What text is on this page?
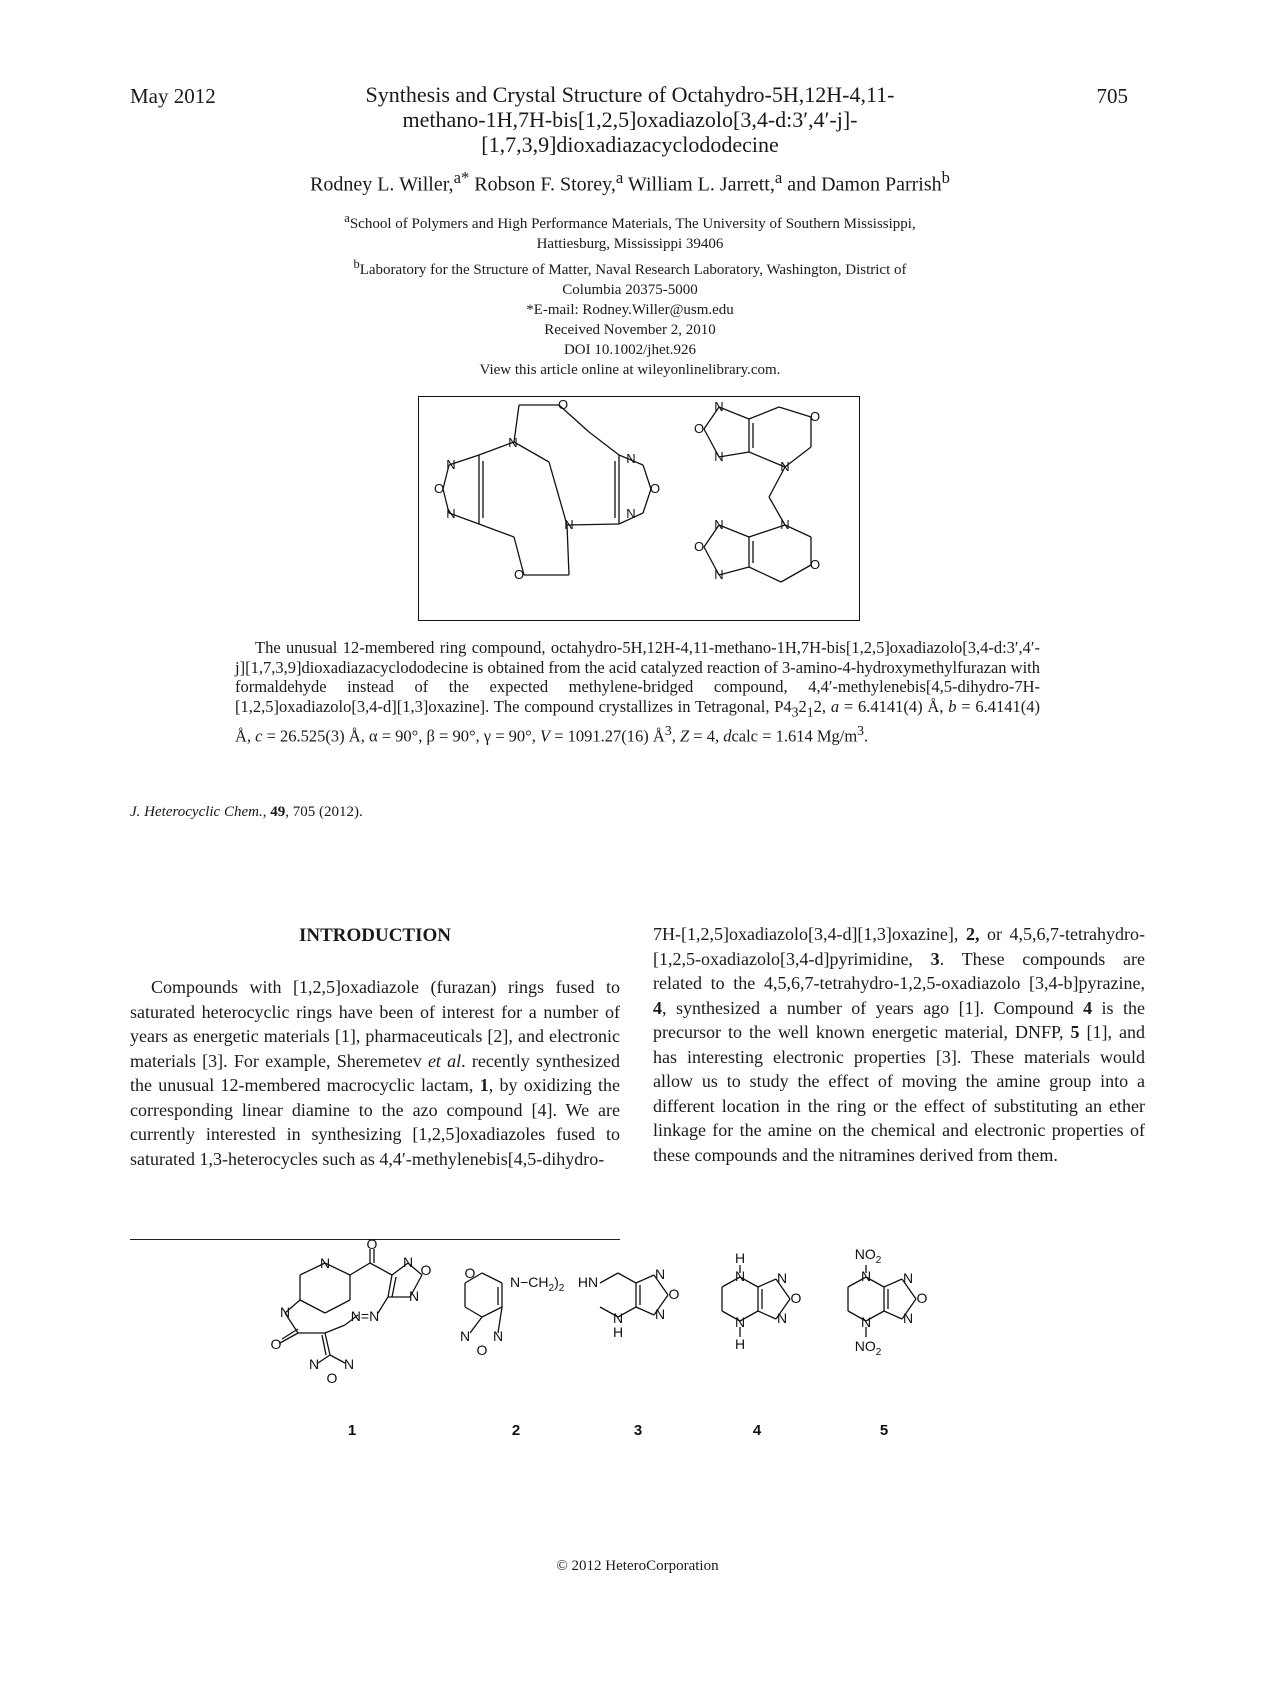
May 2012	705
Synthesis and Crystal Structure of Octahydro-5H,12H-4,11-
methano-1H,7H-bis[1,2,5]oxadiazolo[3,4-d:3′,4′-j]-
[1,7,3,9]dioxadiazacyclododecine
Rodney L. Willer,$^{a*}$ Robson F. Storey,$^a$ William L. Jarrett,$^a$ and Damon Parrish$^b$
$^a$School of Polymers and High Performance Materials, The University of Southern Mississippi,
Hattiesburg, Mississippi 39406
$^b$Laboratory for the Structure of Matter, Naval Research Laboratory, Washington, District of
Columbia 20375-5000
*E-mail: Rodney.Willer@usm.edu
Received November 2, 2010
DOI 10.1002/jhet.926
View this article online at wileyonlinelibrary.com.
N
O
N
O
N
N
O
N
N
O
N
O
N
O
N
N
N
O
N
O

The unusual 12-membered ring compound, octahydro-5H,12H-4,11-methano-1H,7H-bis[1,2,5]oxadiazolo[3,4-d:3′,4′-j][1,7,3,9]dioxadiazacyclododecine is obtained from the acid catalyzed reaction of 3-amino-4-hydroxymethylfurazan with formaldehyde instead of the expected methylene-bridged compound, 4,4′-methylenebis[4,5-dihydro-7H-[1,2,5]oxadiazolo[3,4-d][1,3]oxazine]. The compound crystallizes in Tetragonal, $P4_32_12$, a = 6.4141(4) Å, b = 6.4141(4) Å, c = 26.525(3) Å, α = 90°, β = 90°, γ = 90°, V = 1091.27(16) $Å^3$, Z = 4, dcalc = 1.614 $Mg/m^3$.

J. Heterocyclic Chem., 49, 705 (2012).
INTRODUCTION

Compounds with [1,2,5]oxadiazole (furazan) rings fused to saturated heterocyclic rings have been of interest for a number of years as energetic materials [1], pharmaceuticals [2], and electronic materials [3]. For example, Sheremetev et al. recently synthesized the unusual 12-membered macrocyclic lactam, 1, by oxidizing the corresponding linear diamine to the azo compound [4]. We are currently interested in synthesizing [1,2,5]oxadiazoles fused to saturated 1,3-heterocycles such as 4,4′-methylenebis[4,5-dihydro-

7H-[1,2,5]oxadiazolo[3,4-d][1,3]oxazine], 2, or 4,5,6,7-tetrahydro-[1,2,5-oxadiazolo[3,4-d]pyrimidine, 3. These compounds are related to the 4,5,6,7-tetrahydro-1,2,5-oxadiazolo [3,4-b]pyrazine, 4, synthesized a number of years ago [1]. Compound 4 is the precursor to the well known energetic material, DNFP, 5 [1], and has interesting electronic properties [3]. These materials would allow us to study the effect of moving the amine group into a different location in the ring or the effect of substituting an ether linkage for the amine on the chemical and electronic properties of these compounds and the nitramines derived from them.

N
O
N O
N
N	N=N
O
N N
O
O
$N-CH_2)_2$
N N
O
HN	N
O
N
N
H
H
N N
O
N
N
H
$NO_2$
N N
O
N
N
$NO_2$
1	2	3	4	5
© 2012 HeteroCorporation
